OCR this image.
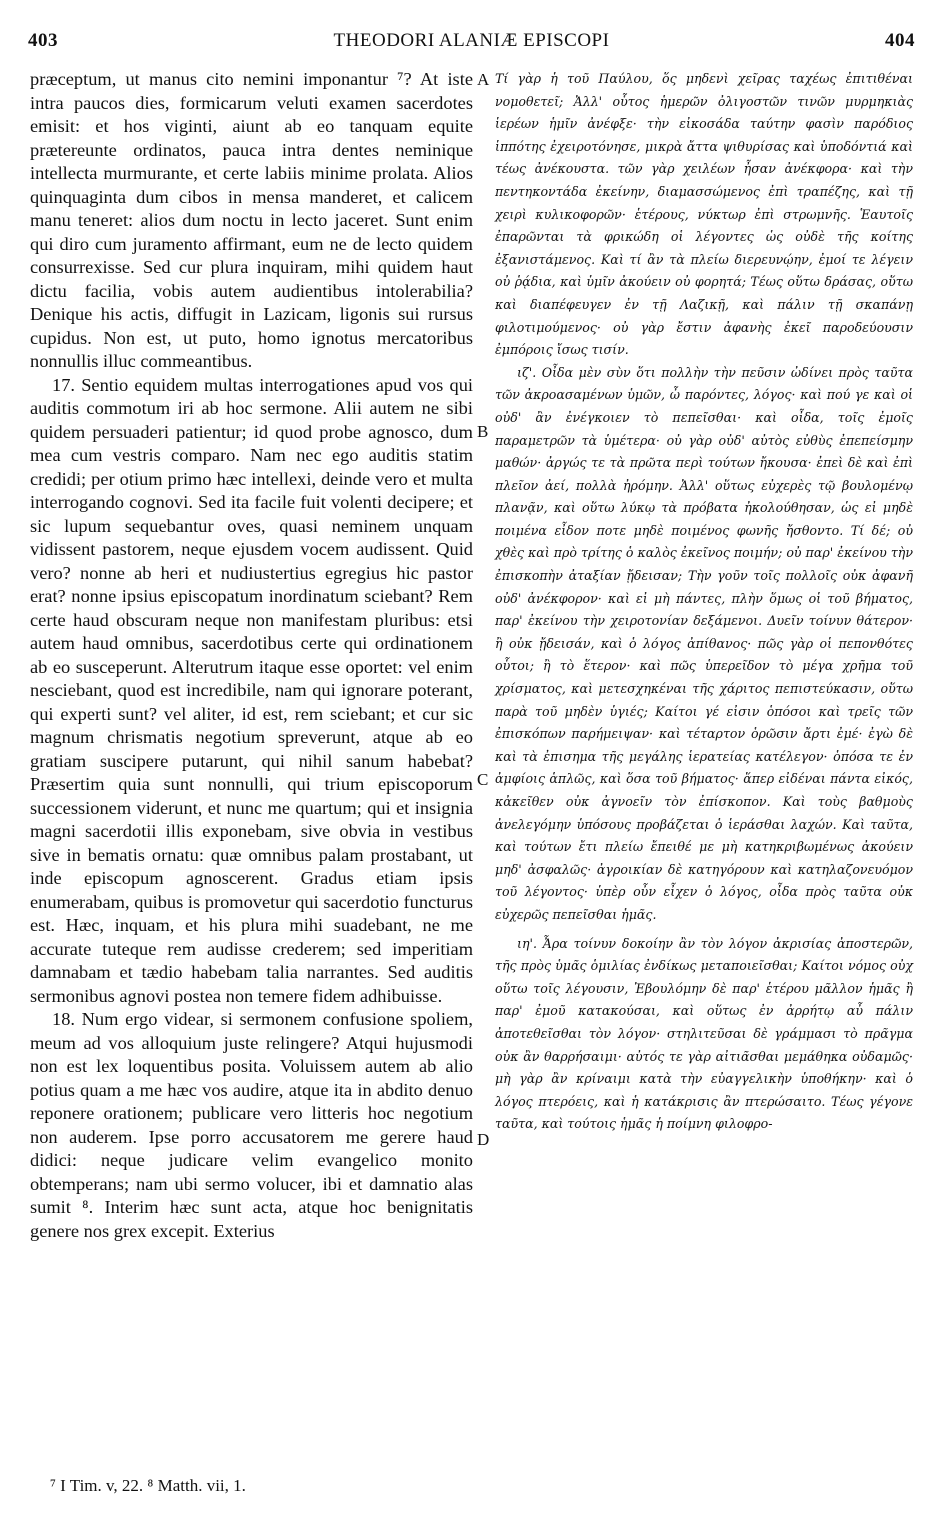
403	THEODORI ALANIÆ EPISCOPI	404

præceptum, ut manus cito nemini imponantur ⁷? At iste intra paucos dies, formicarum veluti examen sacerdotes emisit: et hos viginti, aiunt ab eo tanquam equite prætereunte ordinatos, pauca intra dentes neminique intellecta murmurante, et certe labiis minime prolata. Alios quinquaginta dum cibos in mensa manderet, et calicem manu teneret: alios dum noctu in lecto jaceret. Sunt enim qui diro cum juramento affirmant, eum ne de lecto quidem consurrexisse. Sed cur plura inquiram, mihi quidem haut dictu facilia, vobis autem audientibus intolerabilia? Denique his actis, diffugit in Lazicam, ligonis sui rursus cupidus. Non est, ut puto, homo ignotus mercatoribus nonnullis illuc commeantibus.

17. Sentio equidem multas interrogationes apud vos qui auditis commotum iri ab hoc sermone. Alii autem ne sibi quidem persuaderi patientur; id quod probe agnosco, dum mea cum vestris comparo. Nam nec ego auditis statim credidi; per otium primo hæc intellexi, deinde vero et multa interrogando cognovi. Sed ita facile fuit volenti decipere; et sic lupum sequebantur oves, quasi neminem unquam vidissent pastorem, neque ejusdem vocem audissent. Quid vero? nonne ab heri et nudiustertius egregius hic pastor erat? nonne ipsius episcopatum inordinatum sciebant? Rem certe haud obscuram neque non manifestam pluribus: etsi autem haud omnibus, sacerdotibus certe qui ordinationem ab eo susceperunt. Alterutrum itaque esse oportet: vel enim nesciebant, quod est incredibile, nam qui ignorare poterant, qui experti sunt? vel aliter, id est, rem sciebant; et cur sic magnum chrismatis negotium spreverunt, atque ab eo gratiam suscipere putarunt, qui nihil sanum habebat? Præsertim quia sunt nonnulli, qui trium episcoporum successionem viderunt, et nunc me quartum; qui et insignia magni sacerdotii illis exponebam, sive obvia in vestibus sive in bematis ornatu: quæ omnibus palam prostabant, ut inde episcopum agnoscerent. Gradus etiam ipsis enumerabam, quibus is promovetur qui sacerdotio functurus est. Hæc, inquam, et his plura mihi suadebant, ne me accurate tuteque rem audisse crederem; sed imperitiam damnabam et tædio habebam talia narrantes. Sed auditis sermonibus agnovi postea non temere fidem adhibuisse.

18. Num ergo videar, si sermonem confusione spoliem, meum ad vos alloquium juste relingere? Atqui hujusmodi non est lex loquentibus posita. Voluissem autem ab alio potius quam a me hæc vos audire, atque ita in abdito denuo reponere orationem; publicare vero litteris hoc negotium non auderem. Ipse porro accusatorem me gerere haud didici: neque judicare velim evangelico monito obtemperans; nam ubi sermo volucer, ibi et damnatio alas sumit ⁸. Interim hæc sunt acta, atque hoc benignitatis genere nos grex excepit. Exterius

A
B
C
D

Τί γὰρ ἡ τοῦ Παύλου, ὅς μηδενὶ χεῖρας ταχέως ἐπιτιθέναι νομοθετεῖ; Ἀλλ' οὗτος ἡμερῶν ὀλιγοστῶν τινῶν μυρμηκιὰς ἱερέων ἡμῖν ἀνέφξε· τὴν εἰκοσάδα ταύτην φασὶν παρόδιος ἱππότης ἐχειροτόνησε, μικρὰ ἄττα ψιθυρίσας καὶ ὑποδόντιά καὶ τέως ἀνέκουστα. τῶν γὰρ χειλέων ἦσαν ἀνέκφορα· καὶ τὴν πεντηκοντάδα ἐκείνην, διαμασσώμενος ἐπὶ τραπέζης, καὶ τῇ χειρὶ κυλικοφορῶν· ἑτέρους, νύκτωρ ἐπὶ στρωμνῆς. Ἑαυτοῖς ἐπαρῶνται τὰ φρικώδη οἱ λέγοντες ὡς οὐδὲ τῆς κοίτης ἐξανιστάμενος. Καὶ τί ἂν τὰ πλείω διερευνῴην, ἐμοί τε λέγειν οὐ ῥᾴδια, καὶ ὑμῖν ἀκούειν οὐ φορητά; Τέως οὕτω δράσας, οὕτω καὶ διαπέφευγεν ἐν τῇ Λαζικῇ, καὶ πάλιν τῇ σκαπάνῃ φιλοτιμούμενος· οὐ γὰρ ἔστιν ἀφανὴς ἐκεῖ παροδεύουσιν ἐμπόροις ἴσως τισίν.

ιζ'. Οἶδα μὲν σὺν ὅτι πολλὴν τὴν πεῦσιν ὠδίνει πρὸς ταῦτα τῶν ἀκροασαμένων ὑμῶν, ὦ παρόντες, λόγος· καὶ πού γε καὶ οἱ οὐδ' ἂν ἐνέγκοιεν τὸ πεπεῖσθαι· καὶ οἶδα, τοῖς ἐμοῖς παραμετρῶν τὰ ὑμέτερα· οὐ γὰρ οὐδ' αὐτὸς εὐθὺς ἐπεπείσμην μαθών· ἀργώς τε τὰ πρῶτα περὶ τούτων ἤκουσα· ἐπεὶ δὲ καὶ ἐπὶ πλεῖον ἀεί, πολλὰ ἠρόμην. Ἀλλ' οὕτως εὐχερὲς τῷ βουλομένῳ πλανᾷν, καὶ οὕτω λύκῳ τὰ πρόβατα ἠκολούθησαν, ὡς εἰ μηδὲ ποιμένα εἶδον ποτε μηδὲ ποιμένος φωνῆς ἤσθοντο. Τί δέ; οὐ χθὲς καὶ πρὸ τρίτης ὁ καλὸς ἐκεῖνος ποιμήν; οὐ παρ' ἐκείνου τὴν ἐπισκοπὴν ἀταξίαν ᾔδεισαν; Τὴν γοῦν τοῖς πολλοῖς οὐκ ἀφανῆ οὐδ' ἀνέκφορον· καὶ εἰ μὴ πάντες, πλὴν ὅμως οἱ τοῦ βήματος, παρ' ἐκείνου τὴν χειροτονίαν δεξάμενοι. Δυεῖν τοίνυν θάτερον· ἢ οὐκ ᾔδεισάν, καὶ ὁ λόγος ἀπίθανος· πῶς γὰρ οἱ πεπονθότες οὗτοι; ἢ τὸ ἕτερον· καὶ πῶς ὑπερεῖδον τὸ μέγα χρῆμα τοῦ χρίσματος, καὶ μετεσχηκέναι τῆς χάριτος πεπιστεύκασιν, οὕτω παρὰ τοῦ μηδὲν ὑγιές; Καίτοι γέ εἰσιν ὁπόσοι καὶ τρεῖς τῶν ἐπισκόπων παρήμειψαν· καὶ τέταρτον ὁρῶσιν ἄρτι ἐμέ· ἐγὼ δὲ καὶ τὰ ἐπισημα τῆς μεγάλης ἱερατείας κατέλεγον· ὁπόσα τε ἐν ἀμφίοις ἁπλῶς, καὶ ὅσα τοῦ βήματος· ἅπερ εἰδέναι πάντα εἰκός, κἀκεῖθεν οὐκ ἀγνοεῖν τὸν ἐπίσκοπον. Καὶ τοὺς βαθμοὺς ἀνελεγόμην ὑπόσους προβάζεται ὁ ἱεράσθαι λαχών. Καὶ ταῦτα, καὶ τούτων ἔτι πλείω ἔπειθέ με μὴ κατηκριβωμένως ἀκούειν μηδ' ἀσφαλῶς· ἀγροικίαν δὲ κατηγόρουν καὶ κατηλαζονευόμον τοῦ λέγοντος· ὑπὲρ οὖν εἶχεν ὁ λόγος, οἶδα πρὸς ταῦτα οὐκ εὐχερῶς πεπεῖσθαι ἡμᾶς.

ιη'. Ἆρα τοίνυν δοκοίην ἂν τὸν λόγον ἀκρισίας ἀποστερῶν, τῆς πρὸς ὑμᾶς ὁμιλίας ἐνδίκως μεταποιεῖσθαι; Καίτοι νόμος οὐχ οὕτω τοῖς λέγουσιν, Ἐβουλόμην δὲ παρ' ἑτέρου μᾶλλον ἡμᾶς ἢ παρ' ἐμοῦ κατακούσαι, καὶ οὕτως ἐν ἀρρήτῳ αὖ πάλιν ἀποτεθεῖσθαι τὸν λόγον· στηλιτεῦσαι δὲ γράμμασι τὸ πρᾶγμα οὐκ ἂν θαρρήσαιμι· αὐτός τε γὰρ αἰτιᾶσθαι μεμάθηκα οὐδαμῶς· μὴ γὰρ ἂν κρίναιμι κατὰ τὴν εὐαγγελικὴν ὑποθήκην· καὶ ὁ λόγος πτερόεις, καὶ ἡ κατάκρισις ἂν πτερώσαιτο. Τέως γέγονε ταῦτα, καὶ τούτοις ἡμᾶς ἡ ποίμνη φιλοφρο-

⁷ I Tim. v, 22. ⁸ Matth. vii, 1.
